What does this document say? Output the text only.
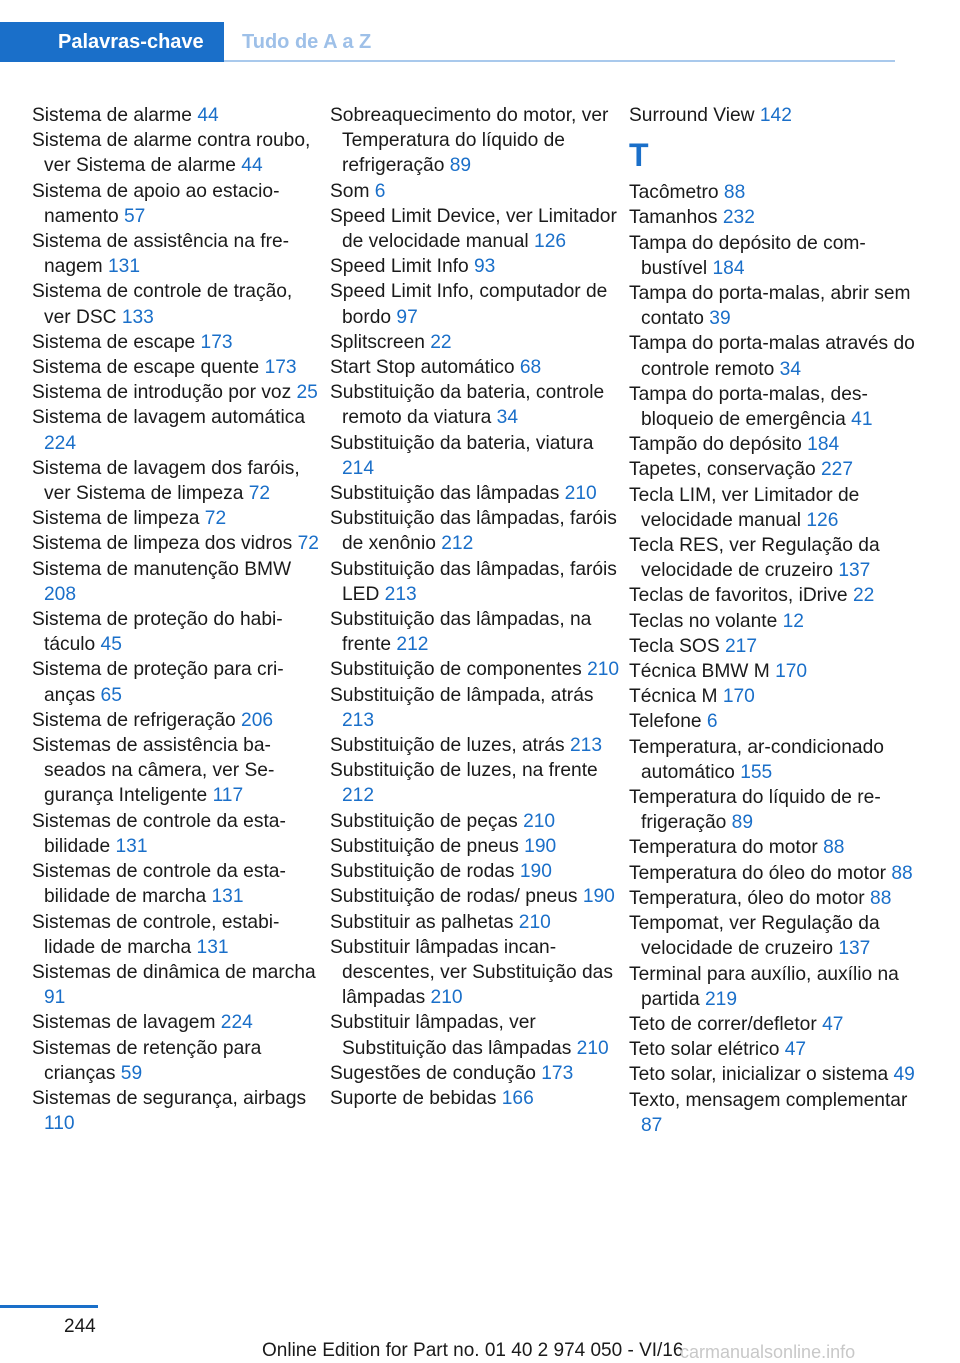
Palavras-chave	Tudo de A a Z
Sistema de alarme 44
Sistema de alarme contra roubo, ver Sistema de alarme 44
Sistema de apoio ao estacionamento 57
Sistema de assistência na frenagem 131
Sistema de controle de tração, ver DSC 133
Sistema de escape 173
Sistema de escape quente 173
Sistema de introdução por voz 25
Sistema de lavagem automática 224
Sistema de lavagem dos faróis, ver Sistema de limpeza 72
Sistema de limpeza 72
Sistema de limpeza dos vidros 72
Sistema de manutenção BMW 208
Sistema de proteção do habitáculo 45
Sistema de proteção para crianças 65
Sistema de refrigeração 206
Sistemas de assistência baseados na câmera, ver Segurança Inteligente 117
Sistemas de controle da estabilidade 131
Sistemas de controle da estabilidade de marcha 131
Sistemas de controle, estabilidade de marcha 131
Sistemas de dinâmica de marcha 91
Sistemas de lavagem 224
Sistemas de retenção para crianças 59
Sistemas de segurança, airbags 110
Sobreaquecimento do motor, ver Temperatura do líquido de refrigeração 89
Som 6
Speed Limit Device, ver Limitador de velocidade manual 126
Speed Limit Info 93
Speed Limit Info, computador de bordo 97
Splitscreen 22
Start Stop automático 68
Substituição da bateria, controle remoto da viatura 34
Substituição da bateria, viatura 214
Substituição das lâmpadas 210
Substituição das lâmpadas, faróis de xenônio 212
Substituição das lâmpadas, faróis LED 213
Substituição das lâmpadas, na frente 212
Substituição de componentes 210
Substituição de lâmpada, atrás 213
Substituição de luzes, atrás 213
Substituição de luzes, na frente 212
Substituição de peças 210
Substituição de pneus 190
Substituição de rodas 190
Substituição de rodas/ pneus 190
Substituir as palhetas 210
Substituir lâmpadas incandescentes, ver Substituição das lâmpadas 210
Substituir lâmpadas, ver Substituição das lâmpadas 210
Sugestões de condução 173
Suporte de bebidas 166
Surround View 142
T
Tacômetro 88
Tamanhos 232
Tampa do depósito de combustível 184
Tampa do porta-malas, abrir sem contato 39
Tampa do porta-malas através do controle remoto 34
Tampa do porta-malas, desbloqueio de emergência 41
Tampão do depósito 184
Tapetes, conservação 227
Tecla LIM, ver Limitador de velocidade manual 126
Tecla RES, ver Regulação da velocidade de cruzeiro 137
Teclas de favoritos, iDrive 22
Teclas no volante 12
Tecla SOS 217
Técnica BMW M 170
Técnica M 170
Telefone 6
Temperatura, ar-condicionado automático 155
Temperatura do líquido de refrigeração 89
Temperatura do motor 88
Temperatura do óleo do motor 88
Temperatura, óleo do motor 88
Tempomat, ver Regulação da velocidade de cruzeiro 137
Terminal para auxílio, auxílio na partida 219
Teto de correr/defletor 47
Teto solar elétrico 47
Teto solar, inicializar o sistema 49
Texto, mensagem complementar 87
244
Online Edition for Part no. 01 40 2 974 050 - VI/16
carmanualsonline.info
